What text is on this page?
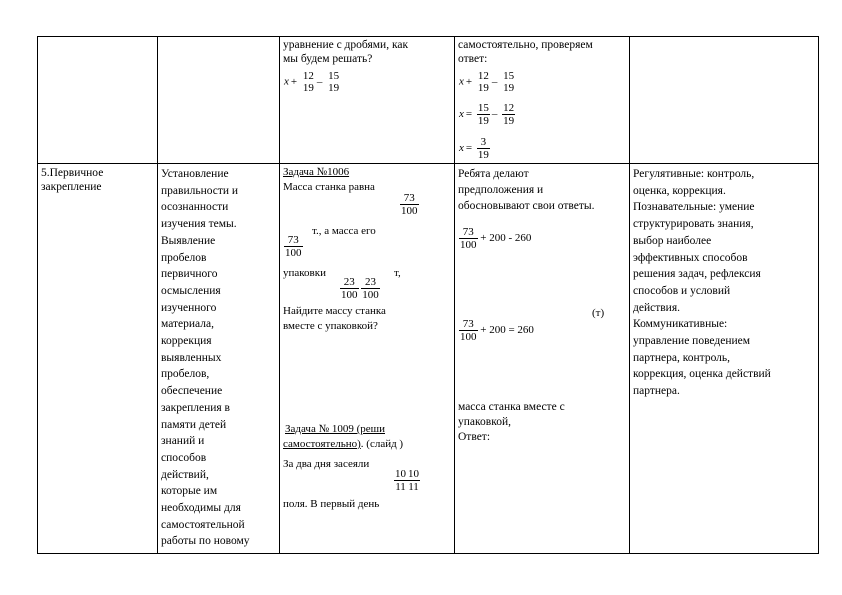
уравнение с дробями, как
мы будем решать?
x + 12
19
– 15
19
самостоятельно, проверяем
ответ:
x + 12
19
– 15
19
$x = \frac{15}{19} - \frac{12}{19}$
$x = \frac{3}{19}$
5.Первичное
закрепление
Установление
правильности и
осознанности
изучения темы.
Выявление
пробелов
первичного
осмысления
изученного
материала,
коррекция
выявленных
пробелов,
обеспечение
закрепления в
памяти детей
знаний и
способов
действий,
которые им
необходимы для
самостоятельной
работы по новому
Задача №1006
Масса станка равна
$\frac{73}{100}$
т., а масса его
$\frac{73}{100}$
упаковки	т,
$\frac{23}{100}$
$\frac{23}{100}$
Найдите массу станка
вместе с упаковкой?
Задача № 1009 (реши
самостоятельно). (слайд )
За два дня засеяли
$\frac{10}{11} \frac{10}{11}$
поля. В первый день
Ребята делают
предположения и
обосновывают свои ответы.
$\frac{73}{100} + 200 - 260$
(т)
$\frac{73}{100} + 200 = 260$
масса станка вместе с
упаковкой,
Ответ:
Регулятивные: контроль,
оценка, коррекция.
Познавательные: умение
структурировать знания,
выбор наиболее
эффективных способов
решения задач, рефлексия
способов и условий
действия.
Коммуникативные:
управление поведением
партнера, контроль,
коррекция, оценка действий
партнера.
